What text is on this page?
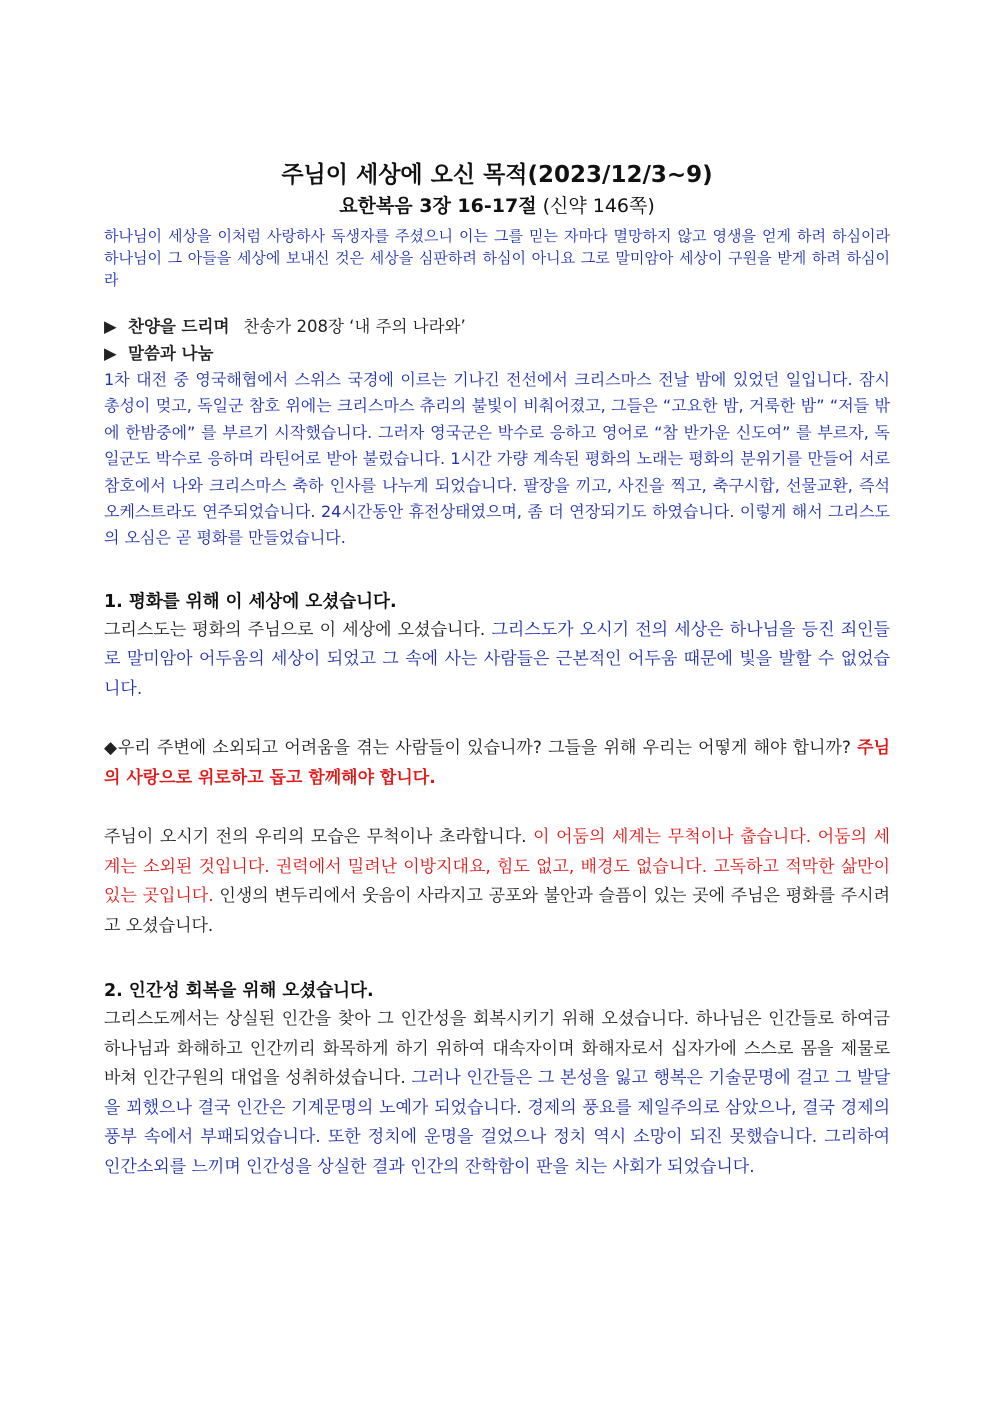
주님이 세상에 오신 목적(2023/12/3~9)

요한복음 3장 16-17절 (신약 146쪽)

하나님이 세상을 이처럼 사랑하사 독생자를 주셨으니 이는 그를 믿는 자마다 멸망하지 않고 영생을 얻게 하려 하심이라 하나님이 그 아들을 세상에 보내신 것은 세상을 심판하려 하심이 아니요 그로 말미암아 세상이 구원을 받게 하려 하심이라

▶ 찬양을 드리며 찬송가 208장 ‘내 주의 나라와’
▶ 말씀과 나눔

1차 대전 중 영국해협에서 스위스 국경에 이르는 기나긴 전선에서 크리스마스 전날 밤에 있었던 일입니다. 잠시 총성이 멎고, 독일군 참호 위에는 크리스마스 츄리의 불빛이 비춰어졌고, 그들은 “고요한 밤, 거룩한 밤” “저들 밖에 한밤중에” 를 부르기 시작했습니다. 그러자 영국군은 박수로 응하고 영어로 “참 반가운 신도여” 를 부르자, 독일군도 박수로 응하며 라틴어로 받아 불렀습니다. 1시간 가량 계속된 평화의 노래는 평화의 분위기를 만들어 서로 참호에서 나와 크리스마스 축하 인사를 나누게 되었습니다. 팔장을 끼고, 사진을 찍고, 축구시합, 선물교환, 즉석 오케스트라도 연주되었습니다. 24시간동안 휴전상태였으며, 좀 더 연장되기도 하였습니다. 이렇게 해서 그리스도의 오심은 곧 평화를 만들었습니다.

1. 평화를 위해 이 세상에 오셨습니다.

그리스도는 평화의 주님으로 이 세상에 오셨습니다. 그리스도가 오시기 전의 세상은 하나님을 등진 죄인들로 말미암아 어두움의 세상이 되었고 그 속에 사는 사람들은 근본적인 어두움 때문에 빛을 발할 수 없었습니다.

◆우리 주변에 소외되고 어려움을 겪는 사람들이 있습니까? 그들을 위해 우리는 어떻게 해야 합니까? 주님의 사랑으로 위로하고 돕고 함께해야 합니다.

주님이 오시기 전의 우리의 모습은 무척이나 초라합니다. 이 어둠의 세계는 무척이나 춥습니다. 어둠의 세계는 소외된 것입니다. 권력에서 밀려난 이방지대요, 힘도 없고, 배경도 없습니다. 고독하고 적막한 삶만이 있는 곳입니다. 인생의 변두리에서 웃음이 사라지고 공포와 불안과 슬픔이 있는 곳에 주님은 평화를 주시려고 오셨습니다.

2. 인간성 회복을 위해 오셨습니다.

그리스도께서는 상실된 인간을 찾아 그 인간성을 회복시키기 위해 오셨습니다. 하나님은 인간들로 하여금 하나님과 화해하고 인간끼리 화목하게 하기 위하여 대속자이며 화해자로서 십자가에 스스로 몸을 제물로 바쳐 인간구원의 대업을 성취하셨습니다. 그러나 인간들은 그 본성을 잃고 행복은 기술문명에 걸고 그 발달을 꾀했으나 결국 인간은 기계문명의 노예가 되었습니다. 경제의 풍요를 제일주의로 삼았으나, 결국 경제의 풍부 속에서 부패되었습니다. 또한 정치에 운명을 걸었으나 정치 역시 소망이 되진 못했습니다. 그리하여 인간소외를 느끼며 인간성을 상실한 결과 인간의 잔학함이 판을 치는 사회가 되었습니다.
